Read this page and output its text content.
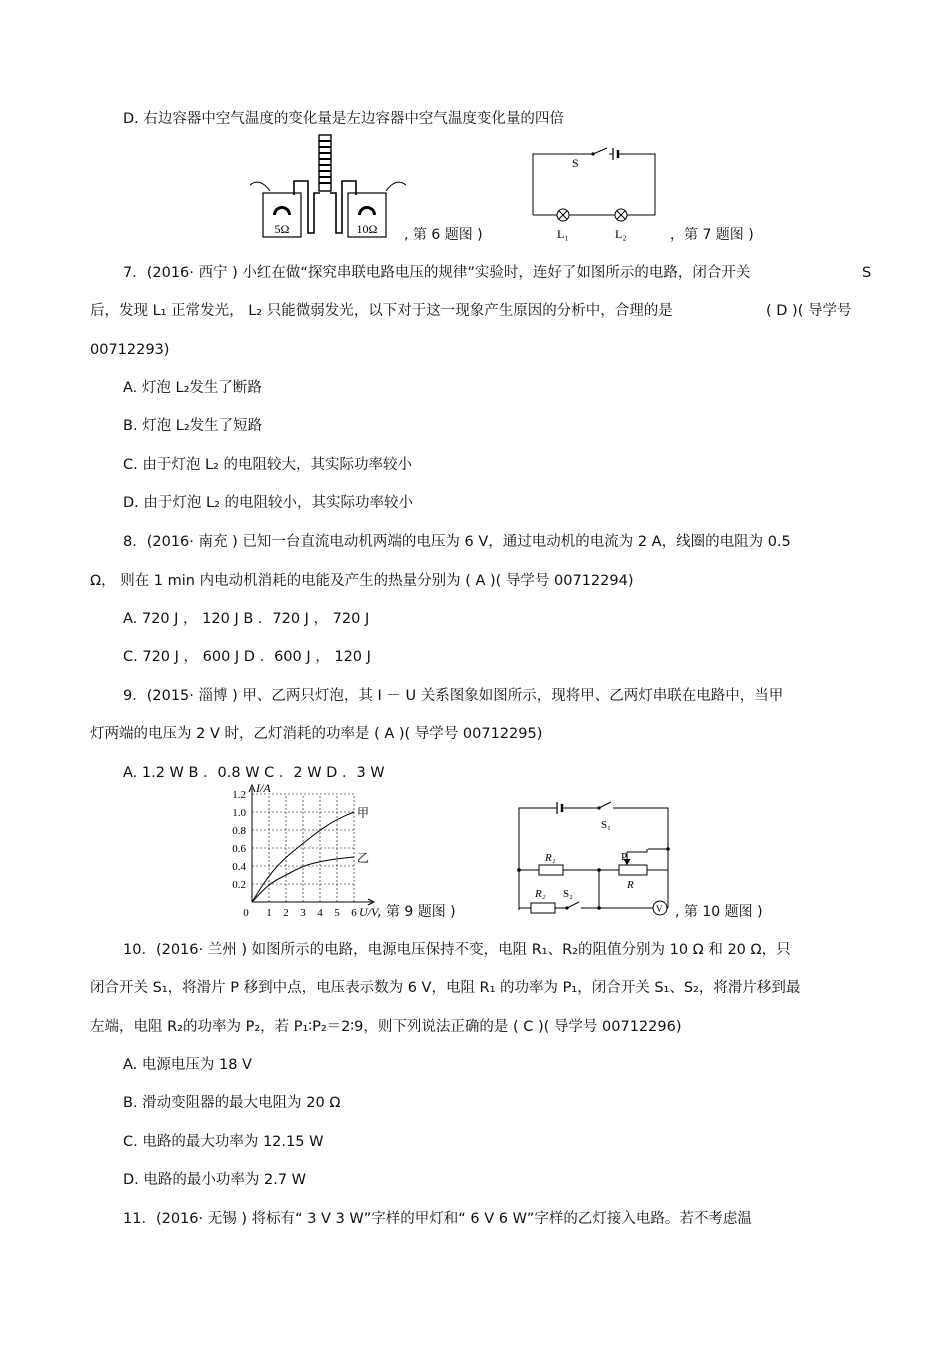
D. 右边容器中空气温度的变化量是左边容器中空气温度变化量的四倍
5Ω	10Ω , 第 6 题图 )
S
L₁	L₂	，第 7 题图 )
7．(2016· 西宁 ) 小红在做“探究串联电路电压的规律”实验时，连好了如图所示的电路，闭合开关	S
后，发现 L₁ 正常发光， L₂ 只能微弱发光，以下对于这一现象产生原因的分析中，合理的是	( D )( 导学号
00712293)
A. 灯泡 L₂发生了断路
B. 灯泡 L₂发生了短路
C. 由于灯泡 L₂ 的电阻较大，其实际功率较小
D. 由于灯泡 L₂ 的电阻较小，其实际功率较小
8．(2016· 南充 ) 已知一台直流电动机两端的电压为 6 V，通过电动机的电流为 2 A，线圈的电阻为 0.5
Ω， 则在 1 min 内电动机消耗的电能及产生的热量分别为 ( A )( 导学号 00712294)
A. 720 J ， 120 J B ．720 J ， 720 J
C. 720 J ， 600 J D ．600 J ， 120 J
9．(2015· 淄博 ) 甲、乙两只灯泡，其 I － U 关系图象如图所示，现将甲、乙两灯串联在电路中，当甲
灯两端的电压为 2 V 时，乙灯消耗的功率是 ( A )( 导学号 00712295)
A. 1.2 W B ．0.8 W C ．2 W D ．3 W
1.2
1.0
0.8
0.6
0.4
0.2
0 1 2 3 4 5 6
甲
乙
I/A
U/V
, 第 9 题图 )
S₁
R₁	P
R
R₂ S₂
V , 第 10 题图 )
10．(2016· 兰州 ) 如图所示的电路，电源电压保持不变，电阻 R₁、R₂的阻值分别为 10 Ω 和 20 Ω，只
闭合开关 S₁，将滑片 P 移到中点，电压表示数为 6 V，电阻 R₁ 的功率为 P₁，闭合开关 S₁、S₂，将滑片移到最
左端，电阻 R₂的功率为 P₂，若 P₁∶P₂＝2∶9，则下列说法正确的是 ( C )( 导学号 00712296)
A. 电源电压为 18 V
B. 滑动变阻器的最大电阻为 20 Ω
C. 电路的最大功率为 12.15 W
D. 电路的最小功率为 2.7 W
11．(2016· 无锡 ) 将标有“ 3 V 3 W”字样的甲灯和“ 6 V 6 W”字样的乙灯接入电路。若不考虑温
